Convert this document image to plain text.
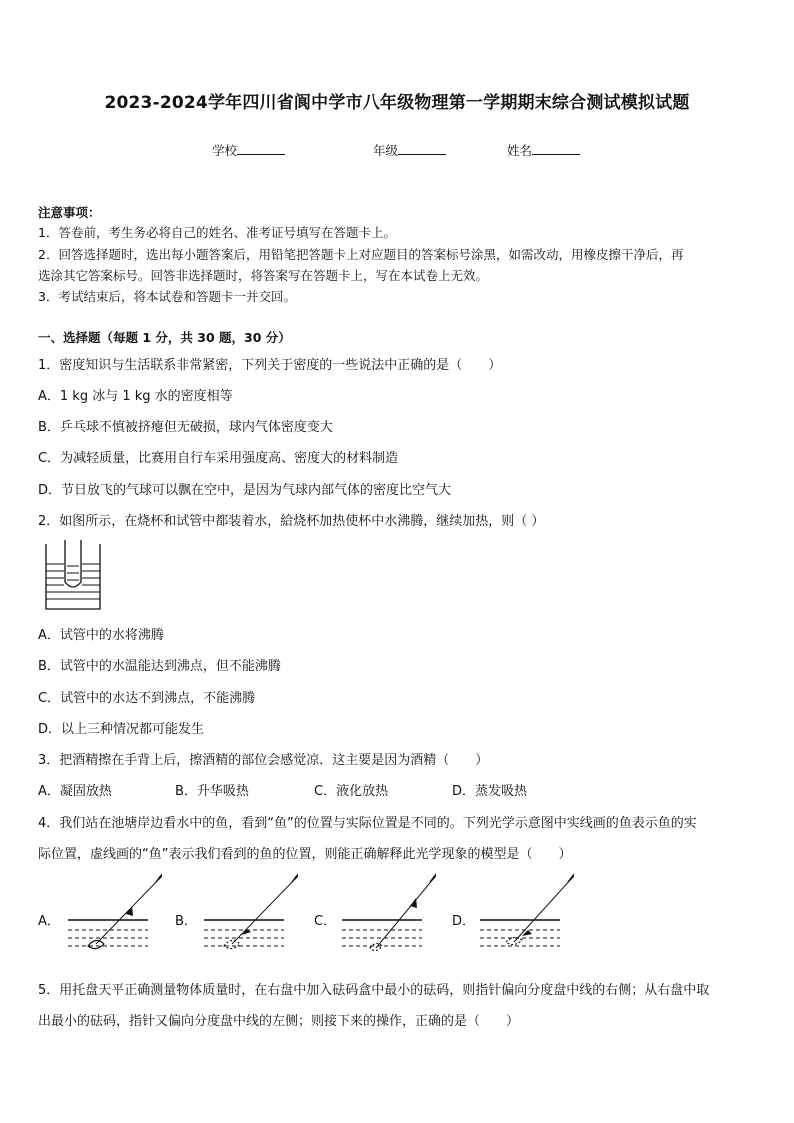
2023-2024学年四川省阆中学市八年级物理第一学期期末综合测试模拟试题
学校	年级	姓名
注意事项：
1．答卷前，考生务必将自己的姓名、准考证号填写在答题卡上。
2．回答选择题时，选出每小题答案后，用铅笔把答题卡上对应题目的答案标号涂黑，如需改动，用橡皮擦干净后，再
选涂其它答案标号。回答非选择题时，将答案写在答题卡上，写在本试卷上无效。
3．考试结束后，将本试卷和答题卡一并交回。
一、选择题（每题 1 分，共 30 题，30 分）
1．密度知识与生活联系非常紧密，下列关于密度的一些说法中正确的是（　　）
A．1 kg 冰与 1 kg 水的密度相等
B．乒乓球不慎被挤瘪但无破损，球内气体密度变大
C．为减轻质量，比赛用自行车采用强度高、密度大的材料制造
D．节日放飞的气球可以飘在空中，是因为气球内部气体的密度比空气大
2．如图所示，在烧杯和试管中都装着水，給烧杯加热使杯中水沸腾，继续加热，则（ ）
A．试管中的水将沸腾
B．试管中的水温能达到沸点，但不能沸腾
C．试管中的水达不到沸点，不能沸腾
D．以上三种情况都可能发生
3．把酒精擦在手背上后，擦酒精的部位会感觉凉．这主要是因为酒精（　　）
A．凝固放热	B．升华吸热	C．液化放热	D．蒸发吸热
4．我们站在池塘岸边看水中的鱼，看到“鱼”的位置与实际位置是不同的。下列光学示意图中实线画的鱼表示鱼的实
际位置，虚线画的“鱼”表示我们看到的鱼的位置，则能正确解释此光学现象的模型是（　　）
A．	B．	C．	D．
5．用托盘天平正确测量物体质量时，在右盘中加入砝码盒中最小的砝码，则指针偏向分度盘中线的右侧；从右盘中取
出最小的砝码，指针又偏向分度盘中线的左侧；则接下来的操作，正确的是（　　）
